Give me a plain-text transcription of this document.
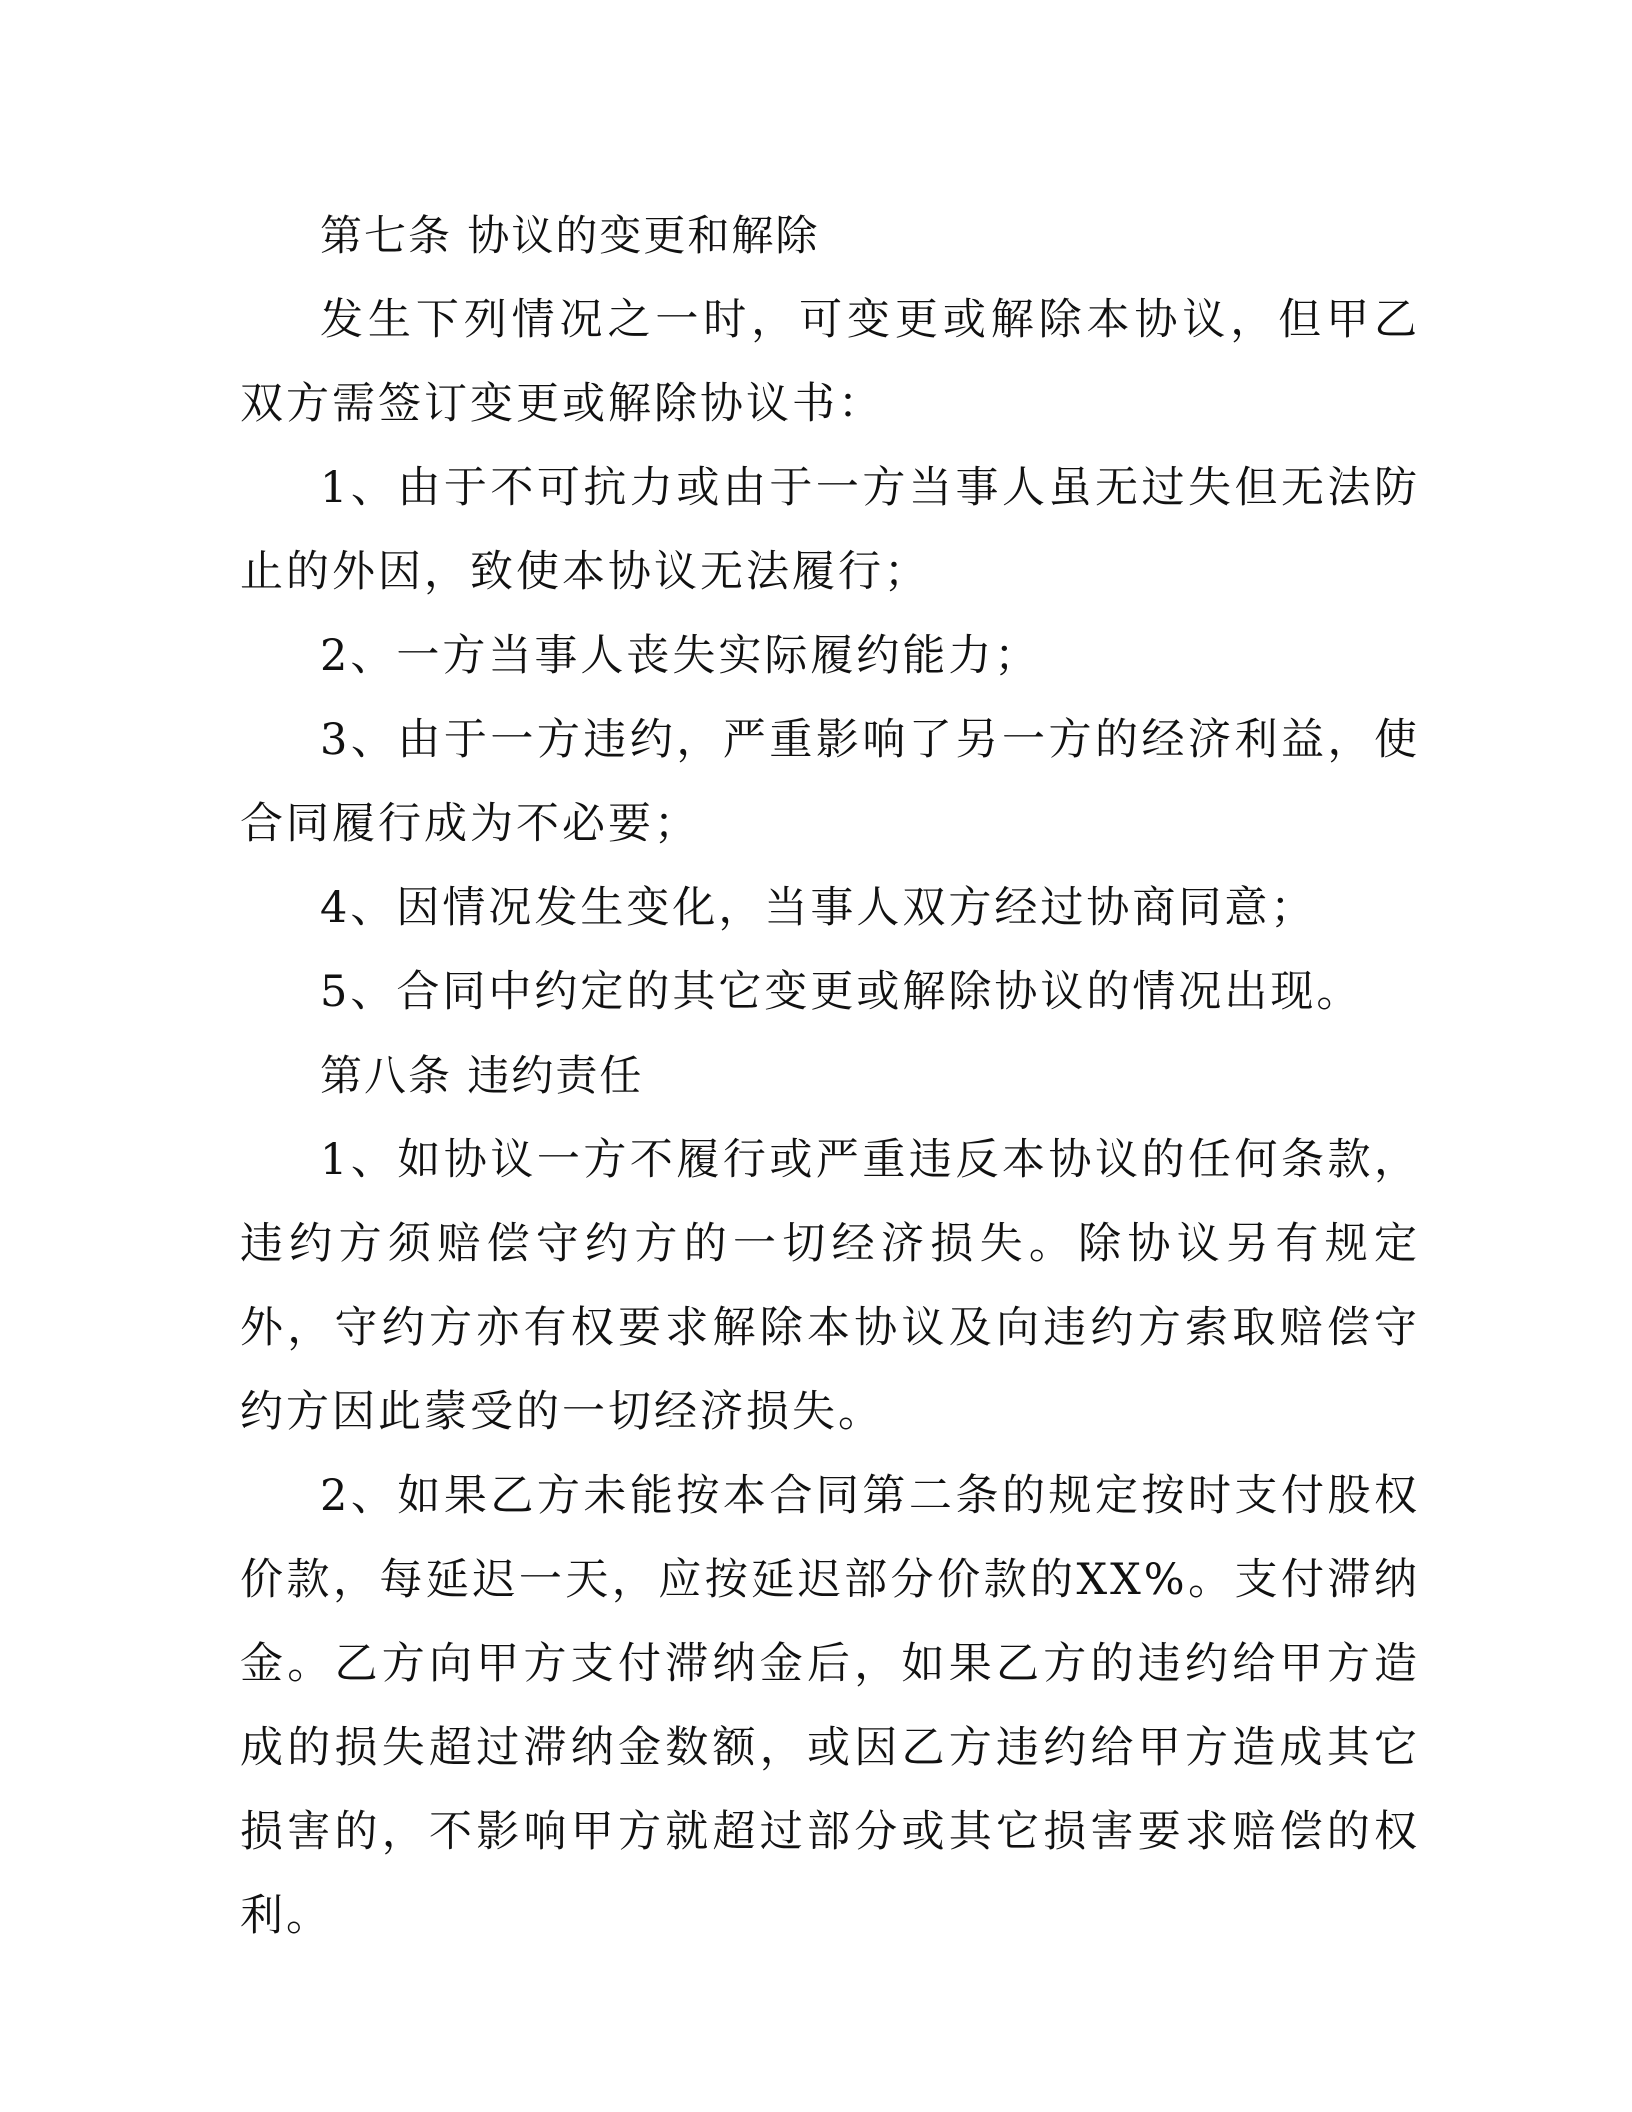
第七条 协议的变更和解除

发生下列情况之一时，可变更或解除本协议，但甲乙双方需签订变更或解除协议书：

1、由于不可抗力或由于一方当事人虽无过失但无法防止的外因，致使本协议无法履行；

2、一方当事人丧失实际履约能力；

3、由于一方违约，严重影响了另一方的经济利益，使合同履行成为不必要；

4、因情况发生变化，当事人双方经过协商同意；

5、合同中约定的其它变更或解除协议的情况出现。

第八条 违约责任

1、如协议一方不履行或严重违反本协议的任何条款，违约方须赔偿守约方的一切经济损失。除协议另有规定外，守约方亦有权要求解除本协议及向违约方索取赔偿守约方因此蒙受的一切经济损失。

2、如果乙方未能按本合同第二条的规定按时支付股权价款，每延迟一天，应按延迟部分价款的XX%。支付滞纳金。乙方向甲方支付滞纳金后，如果乙方的违约给甲方造成的损失超过滞纳金数额，或因乙方违约给甲方造成其它损害的，不影响甲方就超过部分或其它损害要求赔偿的权利。
